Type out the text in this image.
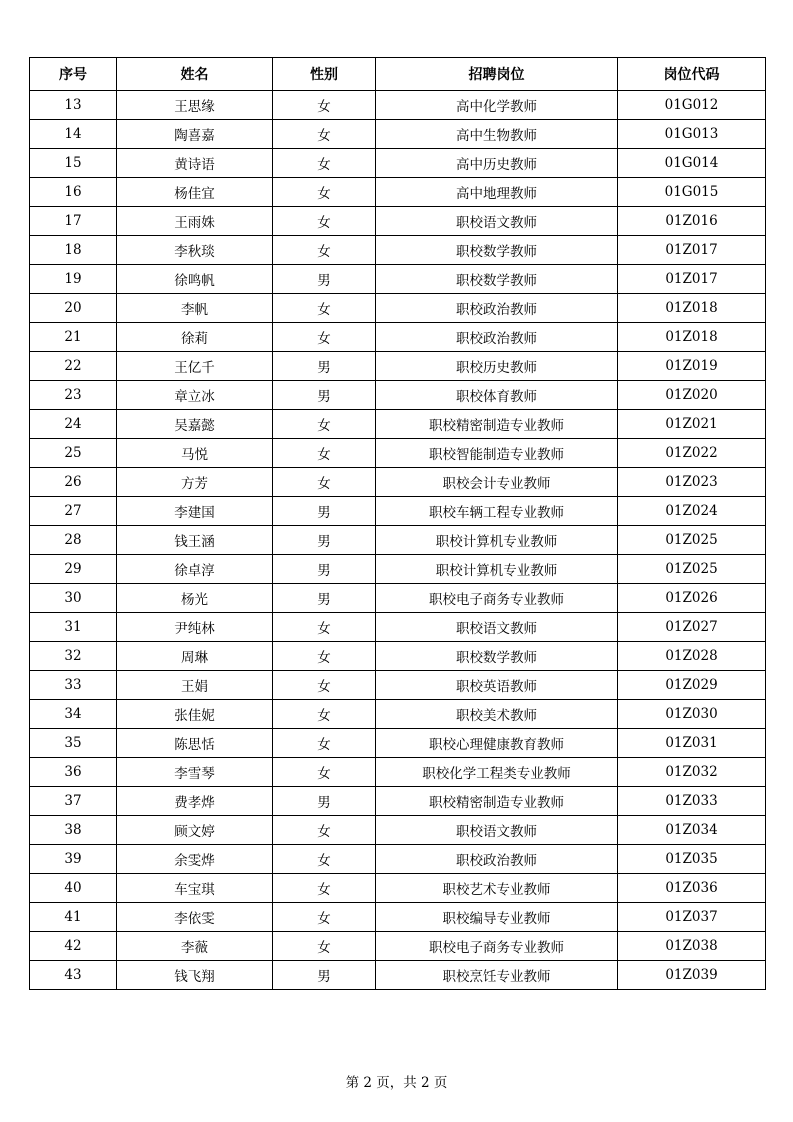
序号	姓名	性别	招聘岗位	岗位代码
13	王思缘	女	高中化学教师	01G012
14	陶喜嘉	女	高中生物教师	01G013
15	黄诗语	女	高中历史教师	01G014
16	杨佳宜	女	高中地理教师	01G015
17	王雨姝	女	职校语文教师	01Z016
18	李秋琰	女	职校数学教师	01Z017
19	徐鸣帆	男	职校数学教师	01Z017
20	李帆	女	职校政治教师	01Z018
21	徐莉	女	职校政治教师	01Z018
22	王亿千	男	职校历史教师	01Z019
23	章立冰	男	职校体育教师	01Z020
24	吴嘉懿	女	职校精密制造专业教师	01Z021
25	马悦	女	职校智能制造专业教师	01Z022
26	方芳	女	职校会计专业教师	01Z023
27	李建国	男	职校车辆工程专业教师	01Z024
28	钱王涵	男	职校计算机专业教师	01Z025
29	徐卓淳	男	职校计算机专业教师	01Z025
30	杨光	男	职校电子商务专业教师	01Z026
31	尹纯林	女	职校语文教师	01Z027
32	周琳	女	职校数学教师	01Z028
33	王娟	女	职校英语教师	01Z029
34	张佳妮	女	职校美术教师	01Z030
35	陈思恬	女	职校心理健康教育教师	01Z031
36	李雪琴	女	职校化学工程类专业教师	01Z032
37	费孝烨	男	职校精密制造专业教师	01Z033
38	顾文婷	女	职校语文教师	01Z034
39	余雯烨	女	职校政治教师	01Z035
40	车宝琪	女	职校艺术专业教师	01Z036
41	李依雯	女	职校编导专业教师	01Z037
42	李薇	女	职校电子商务专业教师	01Z038
43	钱飞翔	男	职校烹饪专业教师	01Z039
第 2 页，共 2 页
